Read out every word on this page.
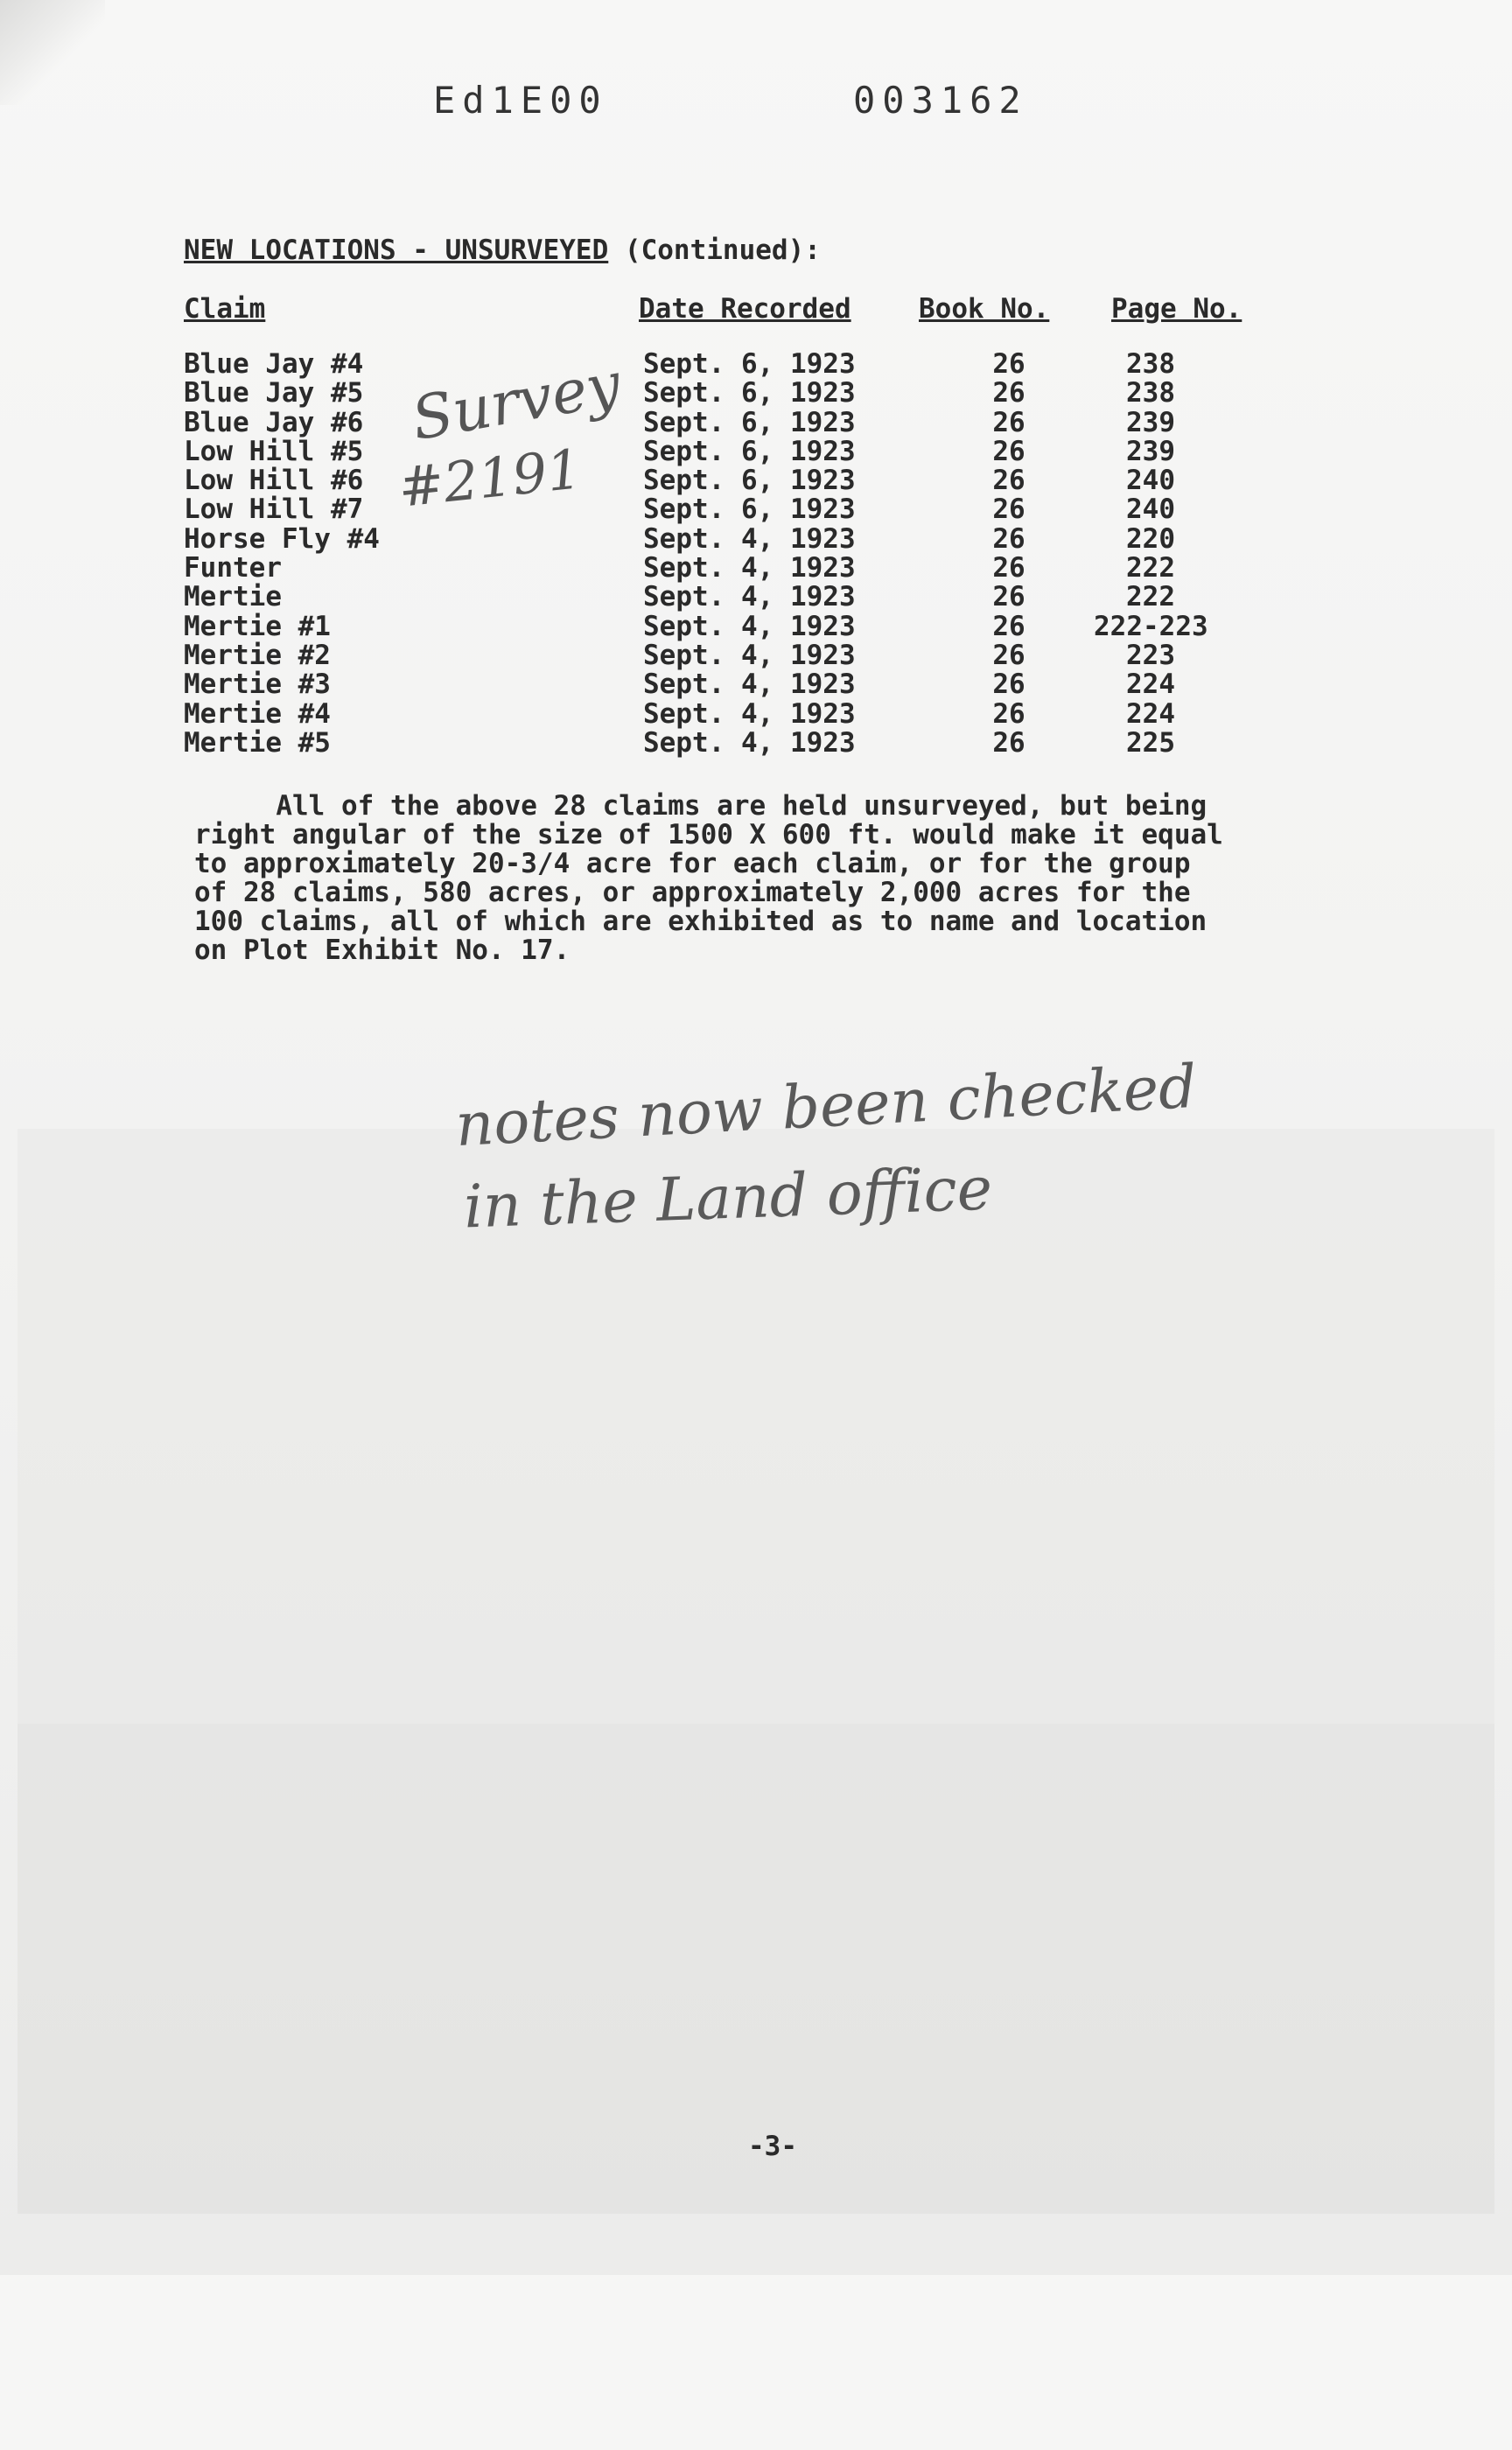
Ed1E00	003162
NEW LOCATIONS - UNSURVEYED (Continued):
Claim	Date Recorded Book No. Page No.
Blue Jay #4	Sept. 6, 1923	26	238
Blue Jay #5	Sept. 6, 1923	26	238
Blue Jay #6	Sept. 6, 1923	26	239
Low Hill #5	Sept. 6, 1923	26	239
Low Hill #6	Sept. 6, 1923	26	240
Low Hill #7	Sept. 6, 1923	26	240
Horse Fly #4	Sept. 4, 1923	26	220
Funter	Sept. 4, 1923	26	222
Mertie	Sept. 4, 1923	26	222
Mertie #1	Sept. 4, 1923	26	222-223
Mertie #2	Sept. 4, 1923	26	223
Mertie #3	Sept. 4, 1923	26	224
Mertie #4	Sept. 4, 1923	26	224
Mertie #5	Sept. 4, 1923	26	225
Survey
#2191

All of the above 28 claims are held unsurveyed, but being

right angular of the size of 1500 X 600 ft. would make it equal

to approximately 20-3/4 acre for each claim, or for the group

of 28 claims, 580 acres, or approximately 2,000 acres for the

100 claims, all of which are exhibited as to name and location

on Plot Exhibit No. 17.

notes now been checked
in the Land office
-3-
